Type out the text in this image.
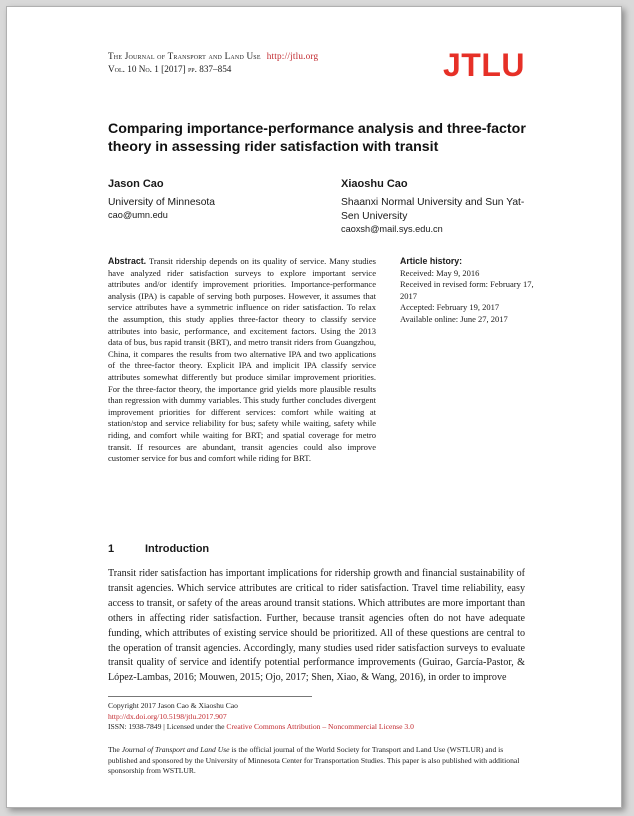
The Journal of Transport and Land Use http://jtlu.org
Vol. 10 No. 1 [2017] pp. 837–854	JTLU
Comparing importance-performance analysis and three-factor theory in assessing rider satisfaction with transit
Jason Cao
University of Minnesota
cao@umn.edu
Xiaoshu Cao
Shaanxi Normal University and Sun Yat-Sen University
caoxsh@mail.sys.edu.cn
Abstract. Transit ridership depends on its quality of service. Many studies have analyzed rider satisfaction surveys to explore important service attributes and/or identify improvement priorities. Importance-performance analysis (IPA) is capable of serving both purposes. However, it assumes that service attributes have a symmetric influence on rider satisfaction. To relax the assumption, this study applies three-factor theory to classify service attributes into basic, performance, and excitement factors. Using the 2013 data of bus, bus rapid transit (BRT), and metro transit riders from Guangzhou, China, it compares the results from two alternative IPA and two applications of the three-factor theory. Explicit IPA and implicit IPA classify service attributes somewhat differently but produce similar improvement priorities. For the three-factor theory, the importance grid yields more plausible results than regression with dummy variables. This study further concludes divergent improvement priorities for different services: comfort while waiting at station/stop and service reliability for bus; safety while waiting, safety while riding, and comfort while waiting for BRT; and spatial coverage for metro transit. If resources are abundant, transit agencies could also improve customer service for bus and comfort while riding for BRT.
Article history:
Received: May 9, 2016
Received in revised form: February 17, 2017
Accepted: February 19, 2017
Available online: June 27, 2017
1	Introduction
Transit rider satisfaction has important implications for ridership growth and financial sustainability of transit agencies. Which service attributes are critical to rider satisfaction. Travel time reliability, easy access to transit, or safety of the areas around transit stations. Which attributes are more important than others in affecting rider satisfaction. Further, because transit agencies often do not have adequate funding, which attributes of existing service should be prioritized. All of these questions are central to the operation of transit agencies. Accordingly, many studies used rider satisfaction surveys to evaluate transit quality of service and identify potential performance improvements (Guirao, García-Pastor, & López-Lambas, 2016; Mouwen, 2015; Ojo, 2017; Shen, Xiao, & Wang, 2016), in order to improve
Copyright 2017 Jason Cao & Xiaoshu Cao
http://dx.doi.org/10.5198/jtlu.2017.907
ISSN: 1938-7849 | Licensed under the Creative Commons Attribution – Noncommercial License 3.0
The Journal of Transport and Land Use is the official journal of the World Society for Transport and Land Use (WSTLUR) and is published and sponsored by the University of Minnesota Center for Transportation Studies. This paper is also published with additional sponsorship from WSTLUR.
